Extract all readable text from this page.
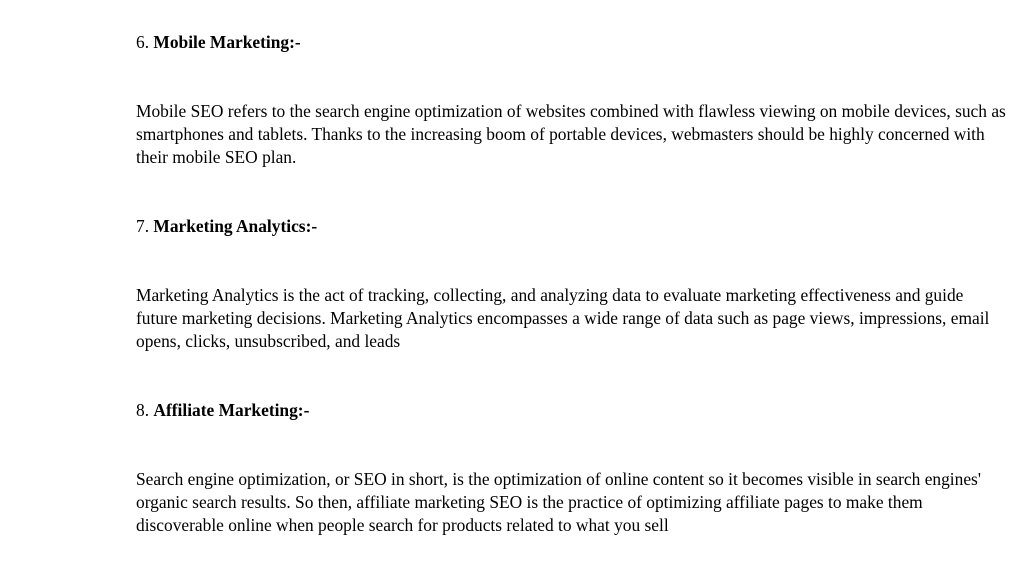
6. Mobile Marketing:-

Mobile SEO refers to the search engine optimization of websites combined with flawless viewing on mobile devices, such as smartphones and tablets. Thanks to the increasing boom of portable devices, webmasters should be highly concerned with their mobile SEO plan.

7. Marketing Analytics:-

Marketing Analytics is the act of tracking, collecting, and analyzing data to evaluate marketing effectiveness and guide future marketing decisions. Marketing Analytics encompasses a wide range of data such as page views, impressions, email opens, clicks, unsubscribed, and leads

8. Affiliate Marketing:-

Search engine optimization, or SEO in short, is the optimization of online content so it becomes visible in search engines' organic search results. So then, affiliate marketing SEO is the practice of optimizing affiliate pages to make them discoverable online when people search for products related to what you sell
